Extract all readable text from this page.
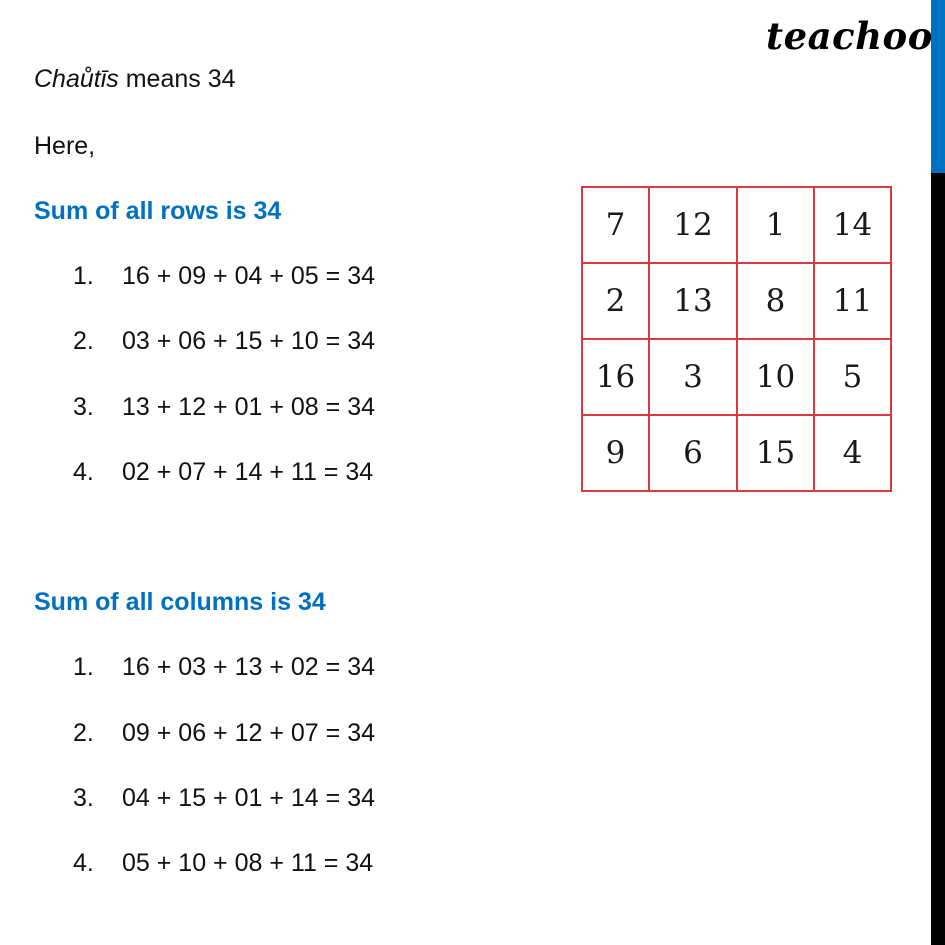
teachoo
Chaůtīs means 34
Here,
Sum of all rows is 34
1. 16 + 09 + 04 + 05 = 34
2. 03 + 06 + 15 + 10 = 34
3. 13 + 12 + 01 + 08 = 34
4. 02 + 07 + 14 + 11 = 34
Sum of all columns is 34
1. 16 + 03 + 13 + 02 = 34
2. 09 + 06 + 12 + 07 = 34
3. 04 + 15 + 01 + 14 = 34
4. 05 + 10 + 08 + 11 = 34
7	12	1	14
2	13	8	11
16	3	10	5
9	6	15	4
